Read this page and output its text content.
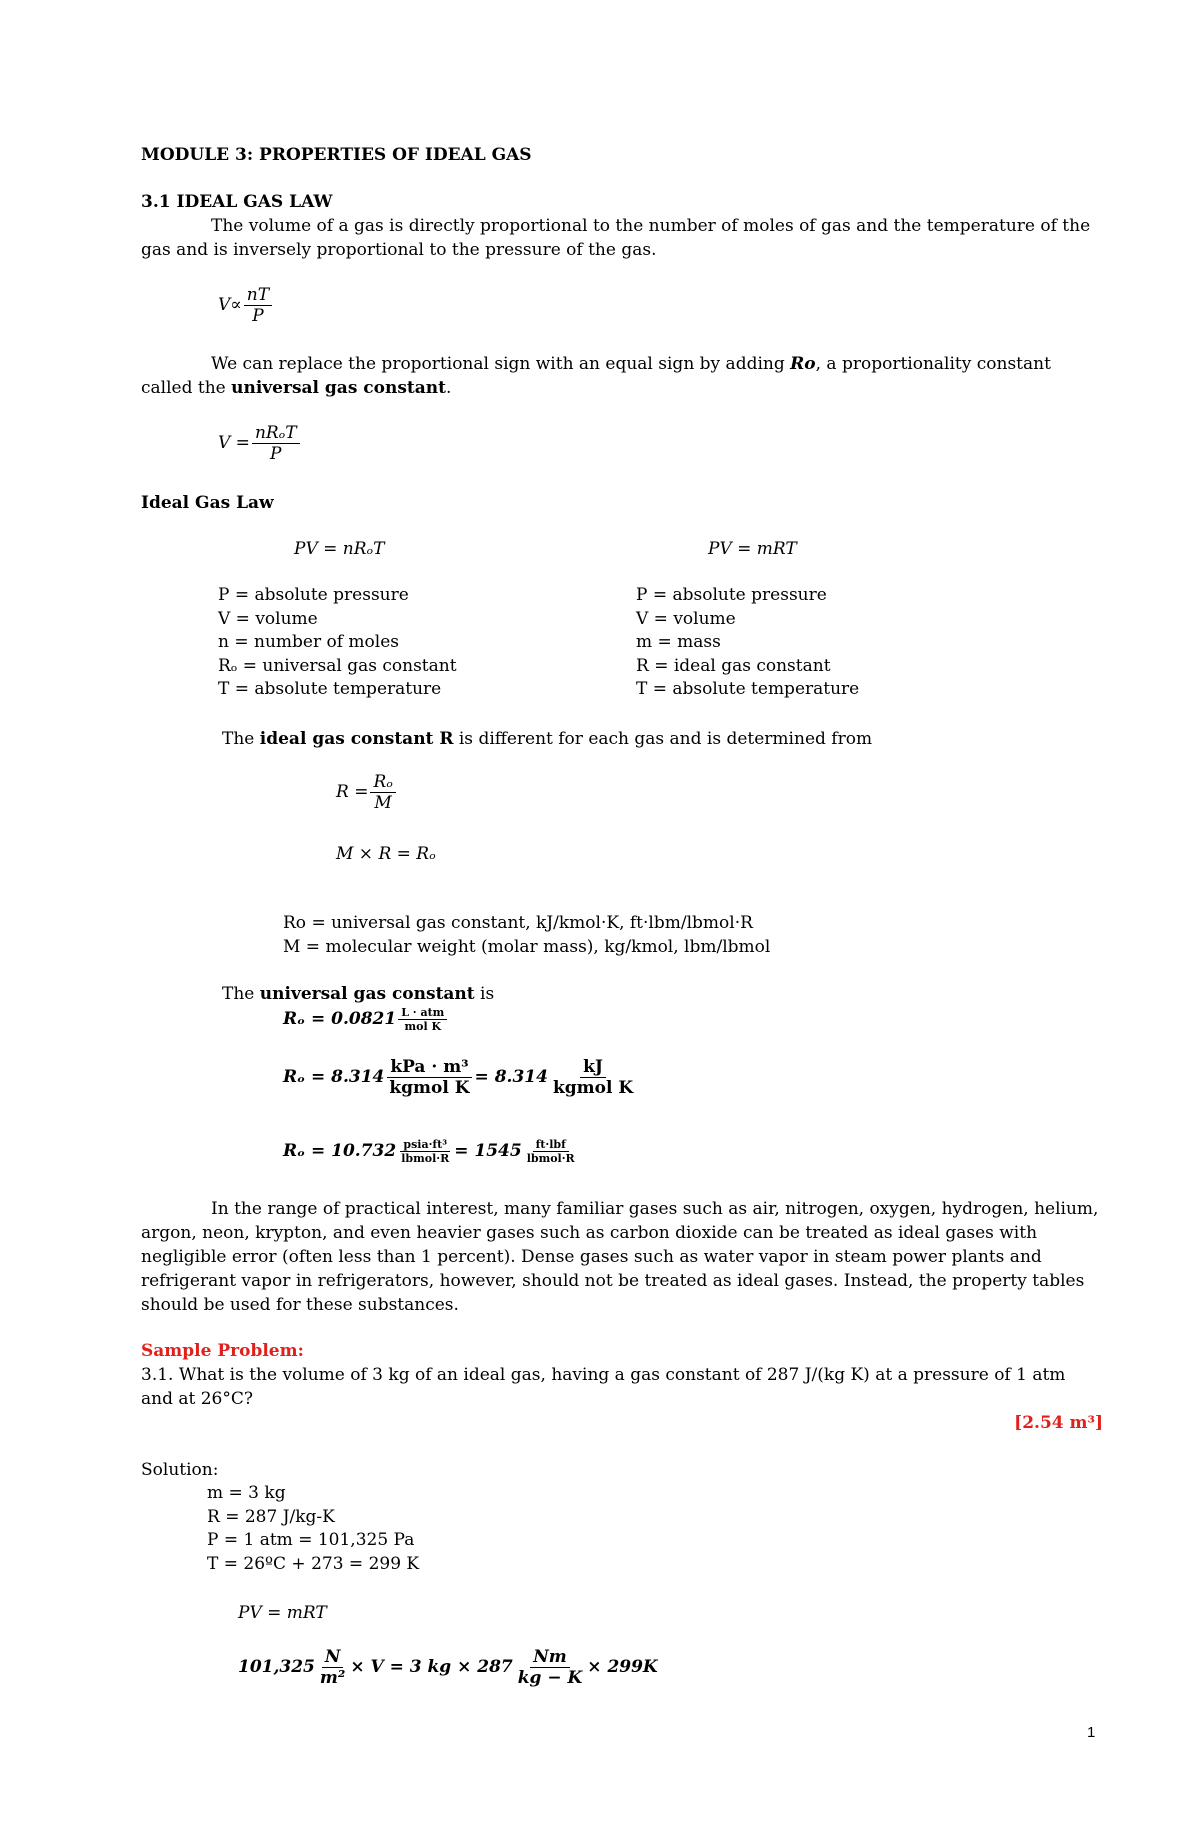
MODULE 3: PROPERTIES OF IDEAL GAS
3.1 IDEAL GAS LAW
The volume of a gas is directly proportional to the number of moles of gas and the temperature of the gas and is inversely proportional to the pressure of the gas.
$V\propto \frac{nT}{P}$
We can replace the proportional sign with an equal sign by adding Ro, a proportionality constant called the universal gas constant.
$V = \frac{\text{nRₒT}}{P}$
Ideal Gas Law
PV = nRₒT	PV = mRT
P = absolute pressure
V = volume
n = number of moles
Rₒ = universal gas constant
T = absolute temperature
P = absolute pressure
V = volume
m = mass
R = ideal gas constant
T = absolute temperature
The ideal gas constant R is different for each gas and is determined from
$R = \frac{\text{Rₒ}}{M}$
M × R = Rₒ
Ro = universal gas constant, kJ/kmol·K, ft·lbm/lbmol·R
M = molecular weight (molar mass), kg/kmol, lbm/lbmol
The universal gas constant is
$R_o = 0.0821 \frac{\text{L · atm}}{\text{mol K}}$
$R_o = 8.314 \frac{\text{kPa · m³}}{\text{kgmol K}} = 8.314 \frac{kJ}{\text{kgmol K}}$
$R_o = 10.732 \frac{\text{psia·ft³}}{\text{lbmol·R}} = 1545 \frac{\text{ft·lbf}}{\text{lbmol·R}}$
In the range of practical interest, many familiar gases such as air, nitrogen, oxygen, hydrogen, helium, argon, neon, krypton, and even heavier gases such as carbon dioxide can be treated as ideal gases with negligible error (often less than 1 percent). Dense gases such as water vapor in steam power plants and refrigerant vapor in refrigerators, however, should not be treated as ideal gases. Instead, the property tables should be used for these substances.
Sample Problem:
3.1. What is the volume of 3 kg of an ideal gas, having a gas constant of 287 J/(kg K) at a pressure of 1 atm and at 26°C?
[2.54 m³]
Solution:
m = 3 kg
R = 287 J/kg-K
P = 1 atm = 101,325 Pa
T = 26ºC + 273 = 299 K
PV = mRT
$101,325 \frac{N}{\text{m²}} \times V = 3$ kg × $287 \frac{Nm}{kg - K} \times 299K$
1
